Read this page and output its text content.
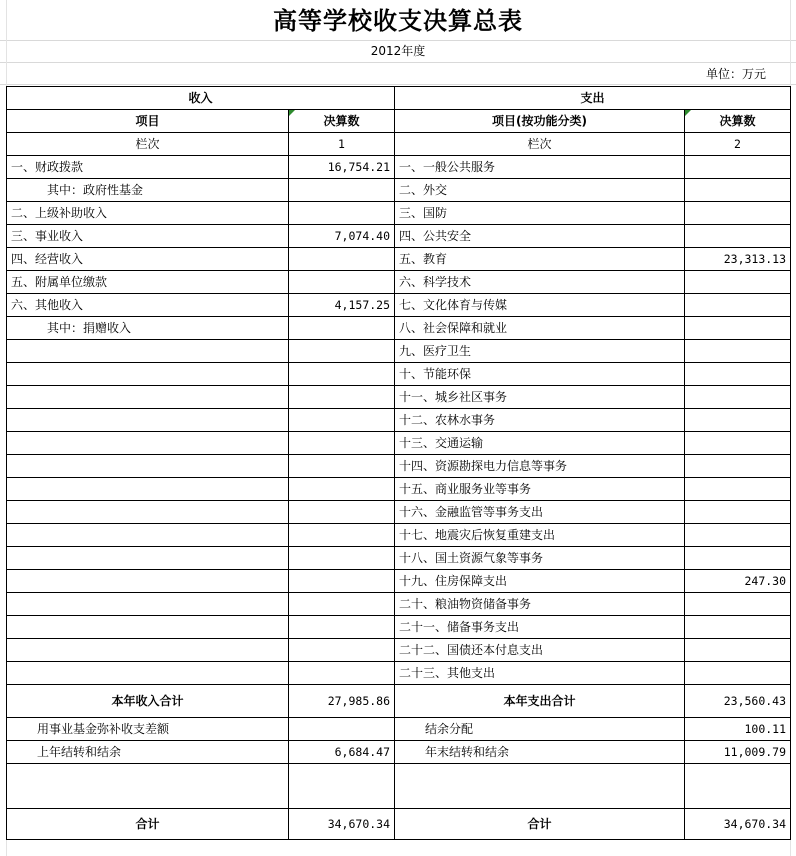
高等学校收支决算总表
2012年度
单位：万元
收入		支出	
项目	决算数	项目(按功能分类)	决算数
栏次	1	栏次	2
一、财政拨款	16,754.21	一、一般公共服务	
其中：政府性基金		二、外交	
二、上级补助收入		三、国防	
三、事业收入	7,074.40	四、公共安全	
四、经营收入		五、教育	23,313.13
五、附属单位缴款		六、科学技术	
六、其他收入	4,157.25	七、文化体育与传媒	
其中：捐赠收入		八、社会保障和就业	
		九、医疗卫生	
		十、节能环保	
		十一、城乡社区事务	
		十二、农林水事务	
		十三、交通运输	
		十四、资源勘探电力信息等事务	
		十五、商业服务业等事务	
		十六、金融监管等事务支出	
		十七、地震灾后恢复重建支出	
		十八、国土资源气象等事务	
		十九、住房保障支出	247.30
		二十、粮油物资储备事务	
		二十一、储备事务支出	
		二十二、国债还本付息支出	
		二十三、其他支出	
本年收入合计	27,985.86	本年支出合计	23,560.43
用事业基金弥补收支差额		结余分配	100.11
上年结转和结余	6,684.47	年末结转和结余	11,009.79

合计	34,670.34	合计	34,670.34
